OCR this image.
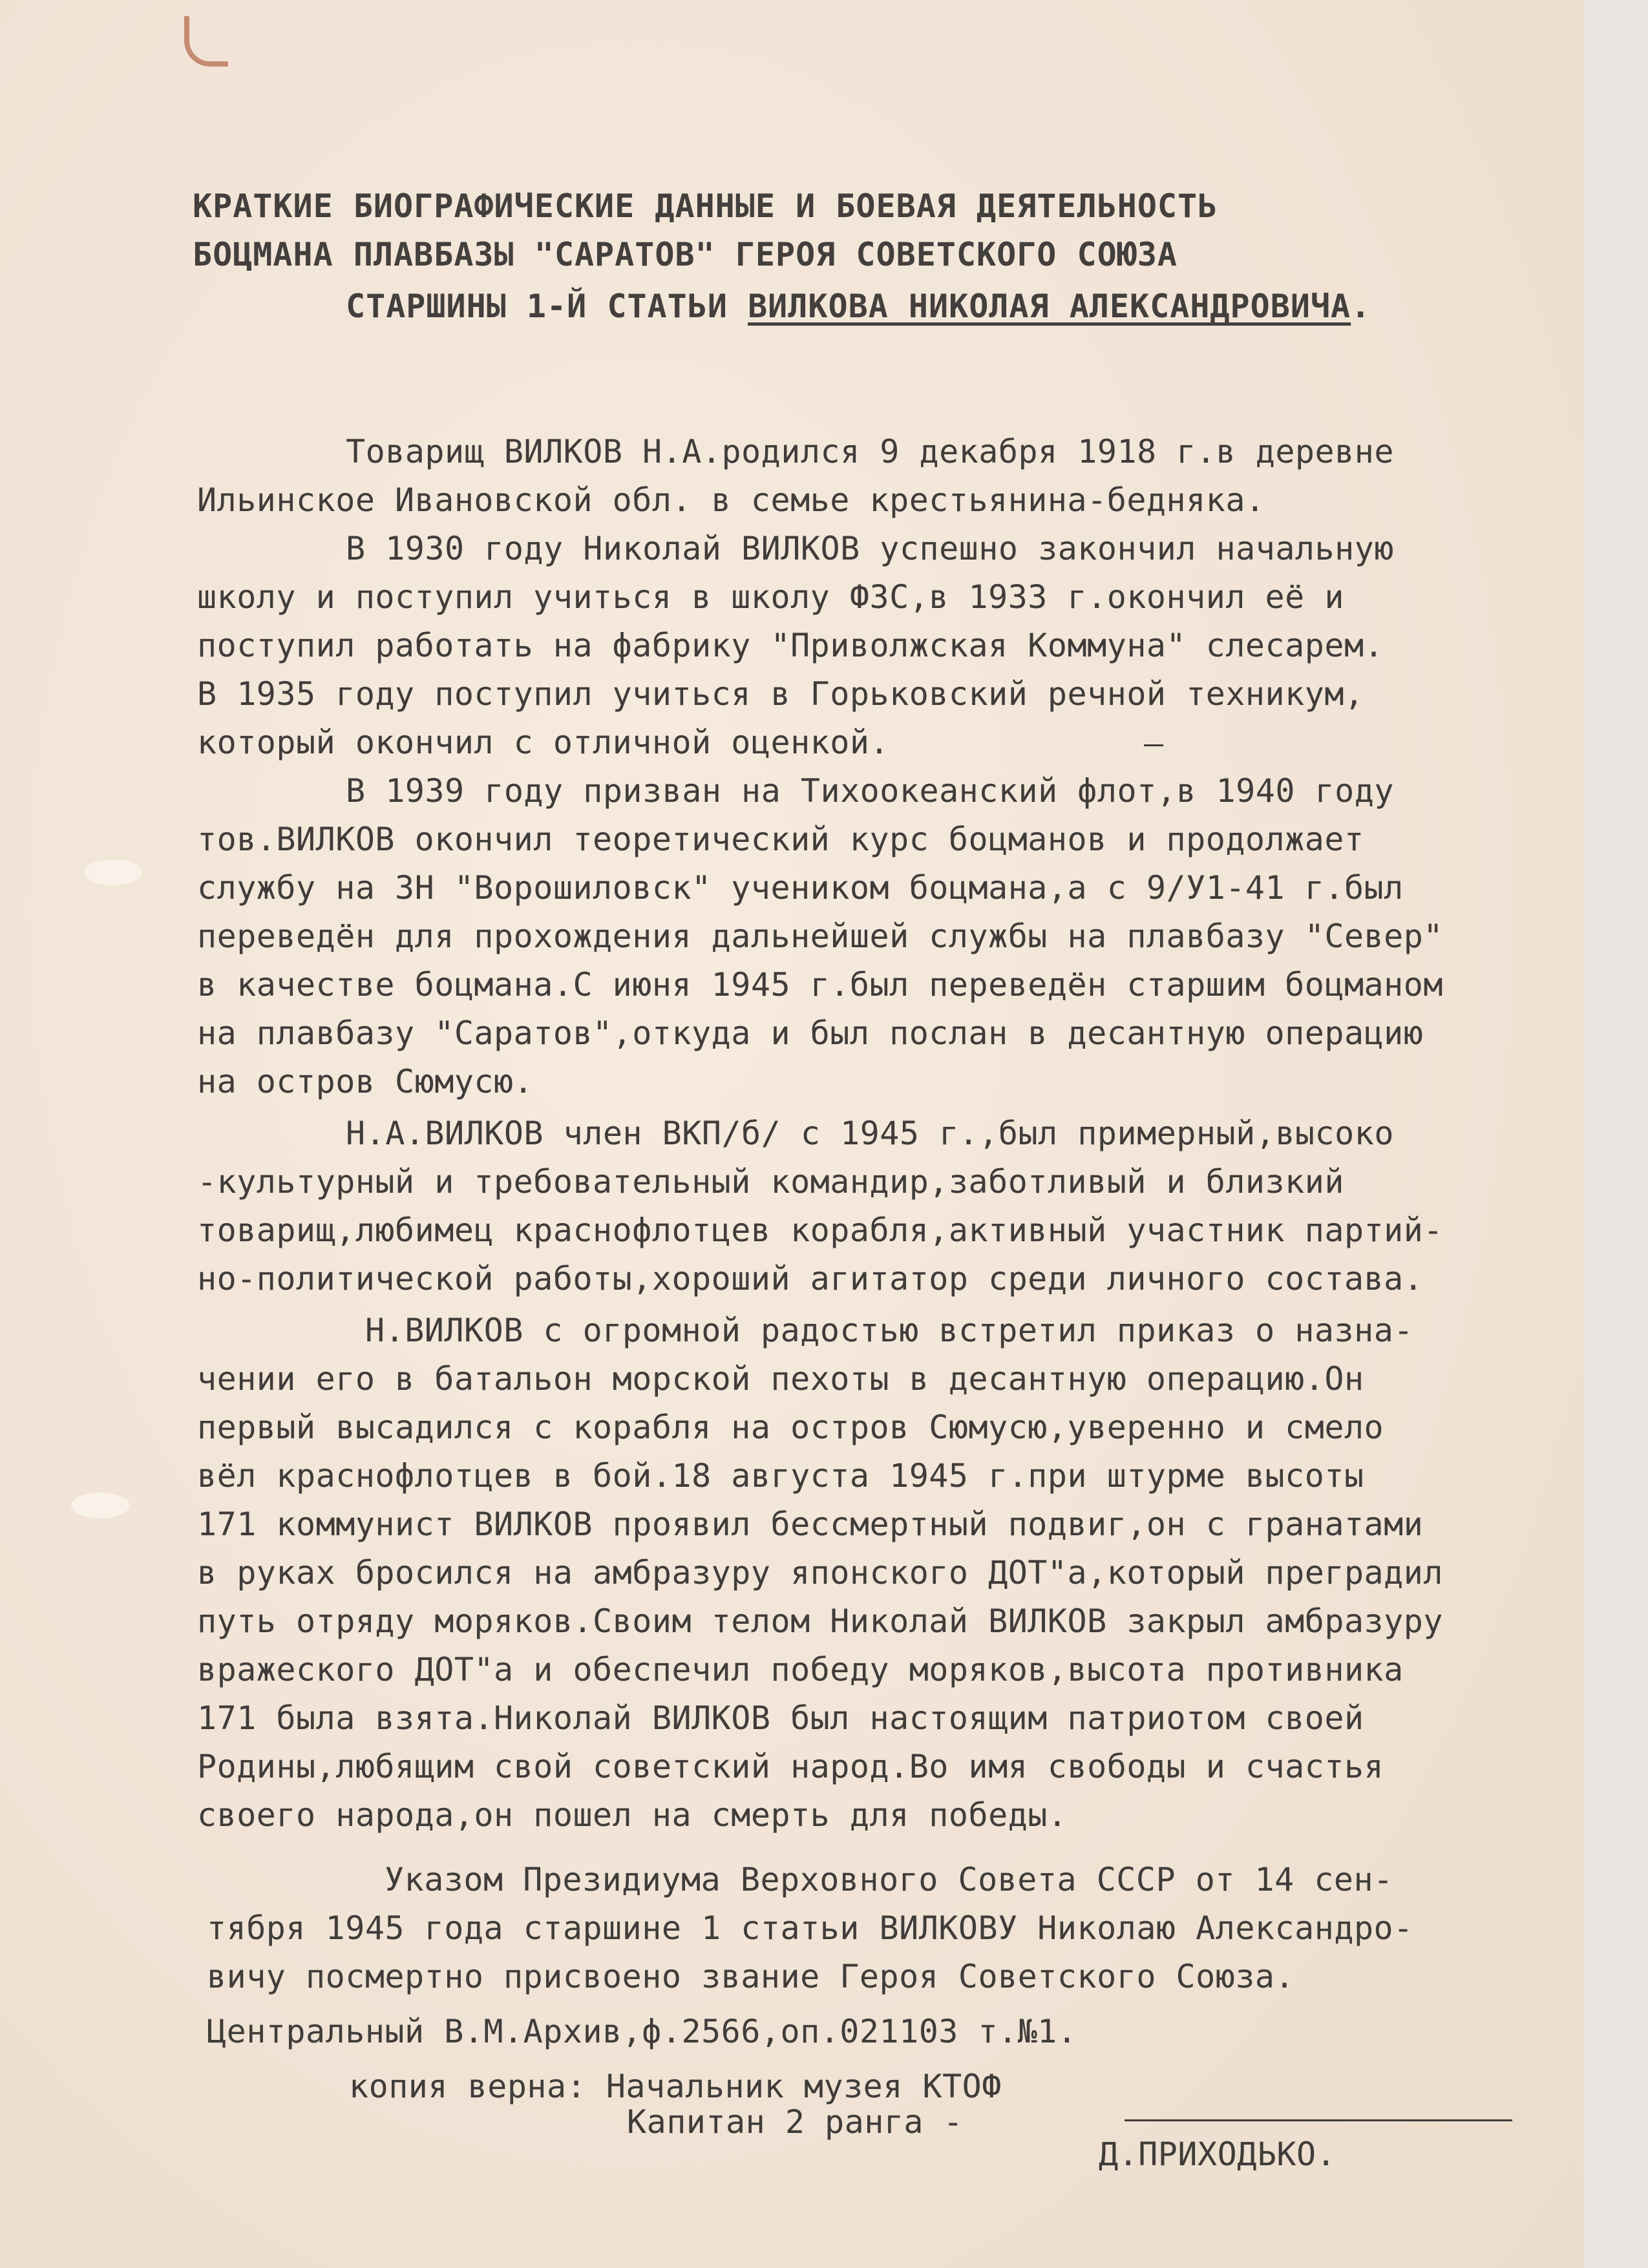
КРАТКИЕ БИОГРАФИЧЕСКИЕ ДАННЫЕ И БОЕВАЯ ДЕЯТЕЛЬНОСТЬ
БОЦМАНА ПЛАВБАЗЫ "САРАТОВ" ГЕРОЯ СОВЕТСКОГО СОЮЗА
СТАРШИНЫ 1-Й СТАТЬИ ВИЛКОВА НИКОЛАЯ АЛЕКСАНДРОВИЧА.
Товарищ ВИЛКОВ Н.А.родился 9 декабря 1918 г.в деревне
Ильинское Ивановской обл. в семье крестьянина-бедняка.
В 1930 году Николай ВИЛКОВ успешно закончил начальную
школу и поступил учиться в школу ФЗС,в 1933 г.окончил её и
поступил работать на фабрику "Приволжская Коммуна" слесарем.
В 1935 году поступил учиться в Горьковский речной техникум,
который окончил с отличной оценкой.
В 1939 году призван на Тихоокеанский флот,в 1940 году
тов.ВИЛКОВ окончил теоретический курс боцманов и продолжает
службу на ЗН "Ворошиловск" учеником боцмана,а с 9/У1-41 г.был
переведён для прохождения дальнейшей службы на плавбазу "Север"
в качестве боцмана.С июня 1945 г.был переведён старшим боцманом
на плавбазу "Саратов",откуда и был послан в десантную операцию
на остров Сюмусю.
Н.А.ВИЛКОВ член ВКП/б/ с 1945 г.,был примерный,высоко
-культурный и требовательный командир,заботливый и близкий
товарищ,любимец краснофлотцев корабля,активный участник партий-
но-политической работы,хороший агитатор среди личного состава.
Н.ВИЛКОВ с огромной радостью встретил приказ о назна-
чении его в батальон морской пехоты в десантную операцию.Он
первый высадился с корабля на остров Сюмусю,уверенно и смело
вёл краснофлотцев в бой.18 августа 1945 г.при штурме высоты
171 коммунист ВИЛКОВ проявил бессмертный подвиг,он с гранатами
в руках бросился на амбразуру японского ДОТ"а,который преградил
путь отряду моряков.Своим телом Николай ВИЛКОВ закрыл амбразуру
вражеского ДОТ"а и обеспечил победу моряков,высота противника
171 была взята.Николай ВИЛКОВ был настоящим патриотом своей
Родины,любящим свой советский народ.Во имя свободы и счастья
своего народа,он пошел на смерть для победы.
Указом Президиума Верховного Совета СССР от 14 сен-
тября 1945 года старшине 1 статьи ВИЛКОВУ Николаю Александро-
вичу посмертно присвоено звание Героя Советского Союза.
Центральный В.М.Архив,ф.2566,оп.021103 т.№1.
копия верна: Начальник музея КТОФ
Капитан 2 ранга -
Д.ПРИХОДЬКО.
